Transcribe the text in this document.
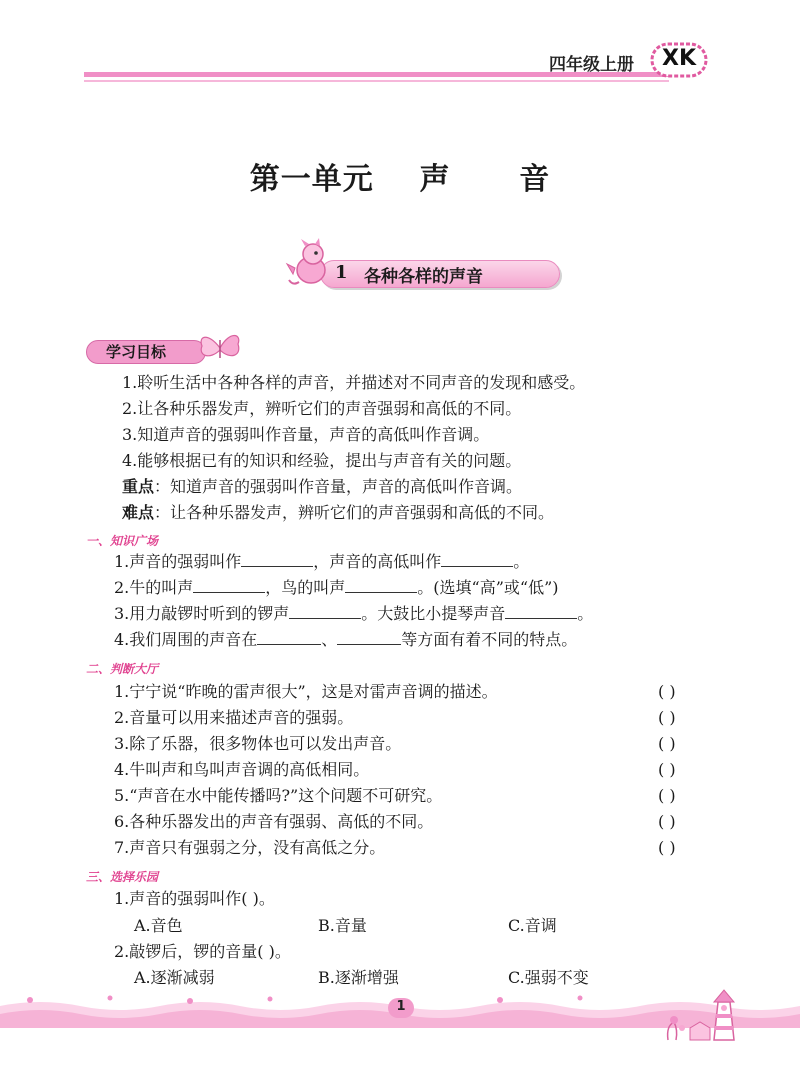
四年级上册	XK
第一单元    声      音
1 各种各样的声音
学习目标
1.聆听生活中各种各样的声音，并描述对不同声音的发现和感受。
2.让各种乐器发声，辨听它们的声音强弱和高低的不同。
3.知道声音的强弱叫作音量，声音的高低叫作音调。
4.能够根据已有的知识和经验，提出与声音有关的问题。
重点：知道声音的强弱叫作音量，声音的高低叫作音调。
难点：让各种乐器发声，辨听它们的声音强弱和高低的不同。
一、知识广场
1.声音的强弱叫作	，声音的高低叫作	。
2.牛的叫声	，鸟的叫声	。(选填“高”或“低”)
3.用力敲锣时听到的锣声	。大鼓比小提琴声音	。
4.我们周围的声音在	、	等方面有着不同的特点。
二、判断大厅
1.宁宁说“昨晚的雷声很大”，这是对雷声音调的描述。	( )
2.音量可以用来描述声音的强弱。	( )
3.除了乐器，很多物体也可以发出声音。	( )
4.牛叫声和鸟叫声音调的高低相同。	( )
5.“声音在水中能传播吗?”这个问题不可研究。	( )
6.各种乐器发出的声音有强弱、高低的不同。	( )
7.声音只有强弱之分，没有高低之分。	( )
三、选择乐园
1.声音的强弱叫作( )。
A.音色	B.音量	C.音调
2.敲锣后，锣的音量( )。
A.逐渐减弱	B.逐渐增强	C.强弱不变
1
